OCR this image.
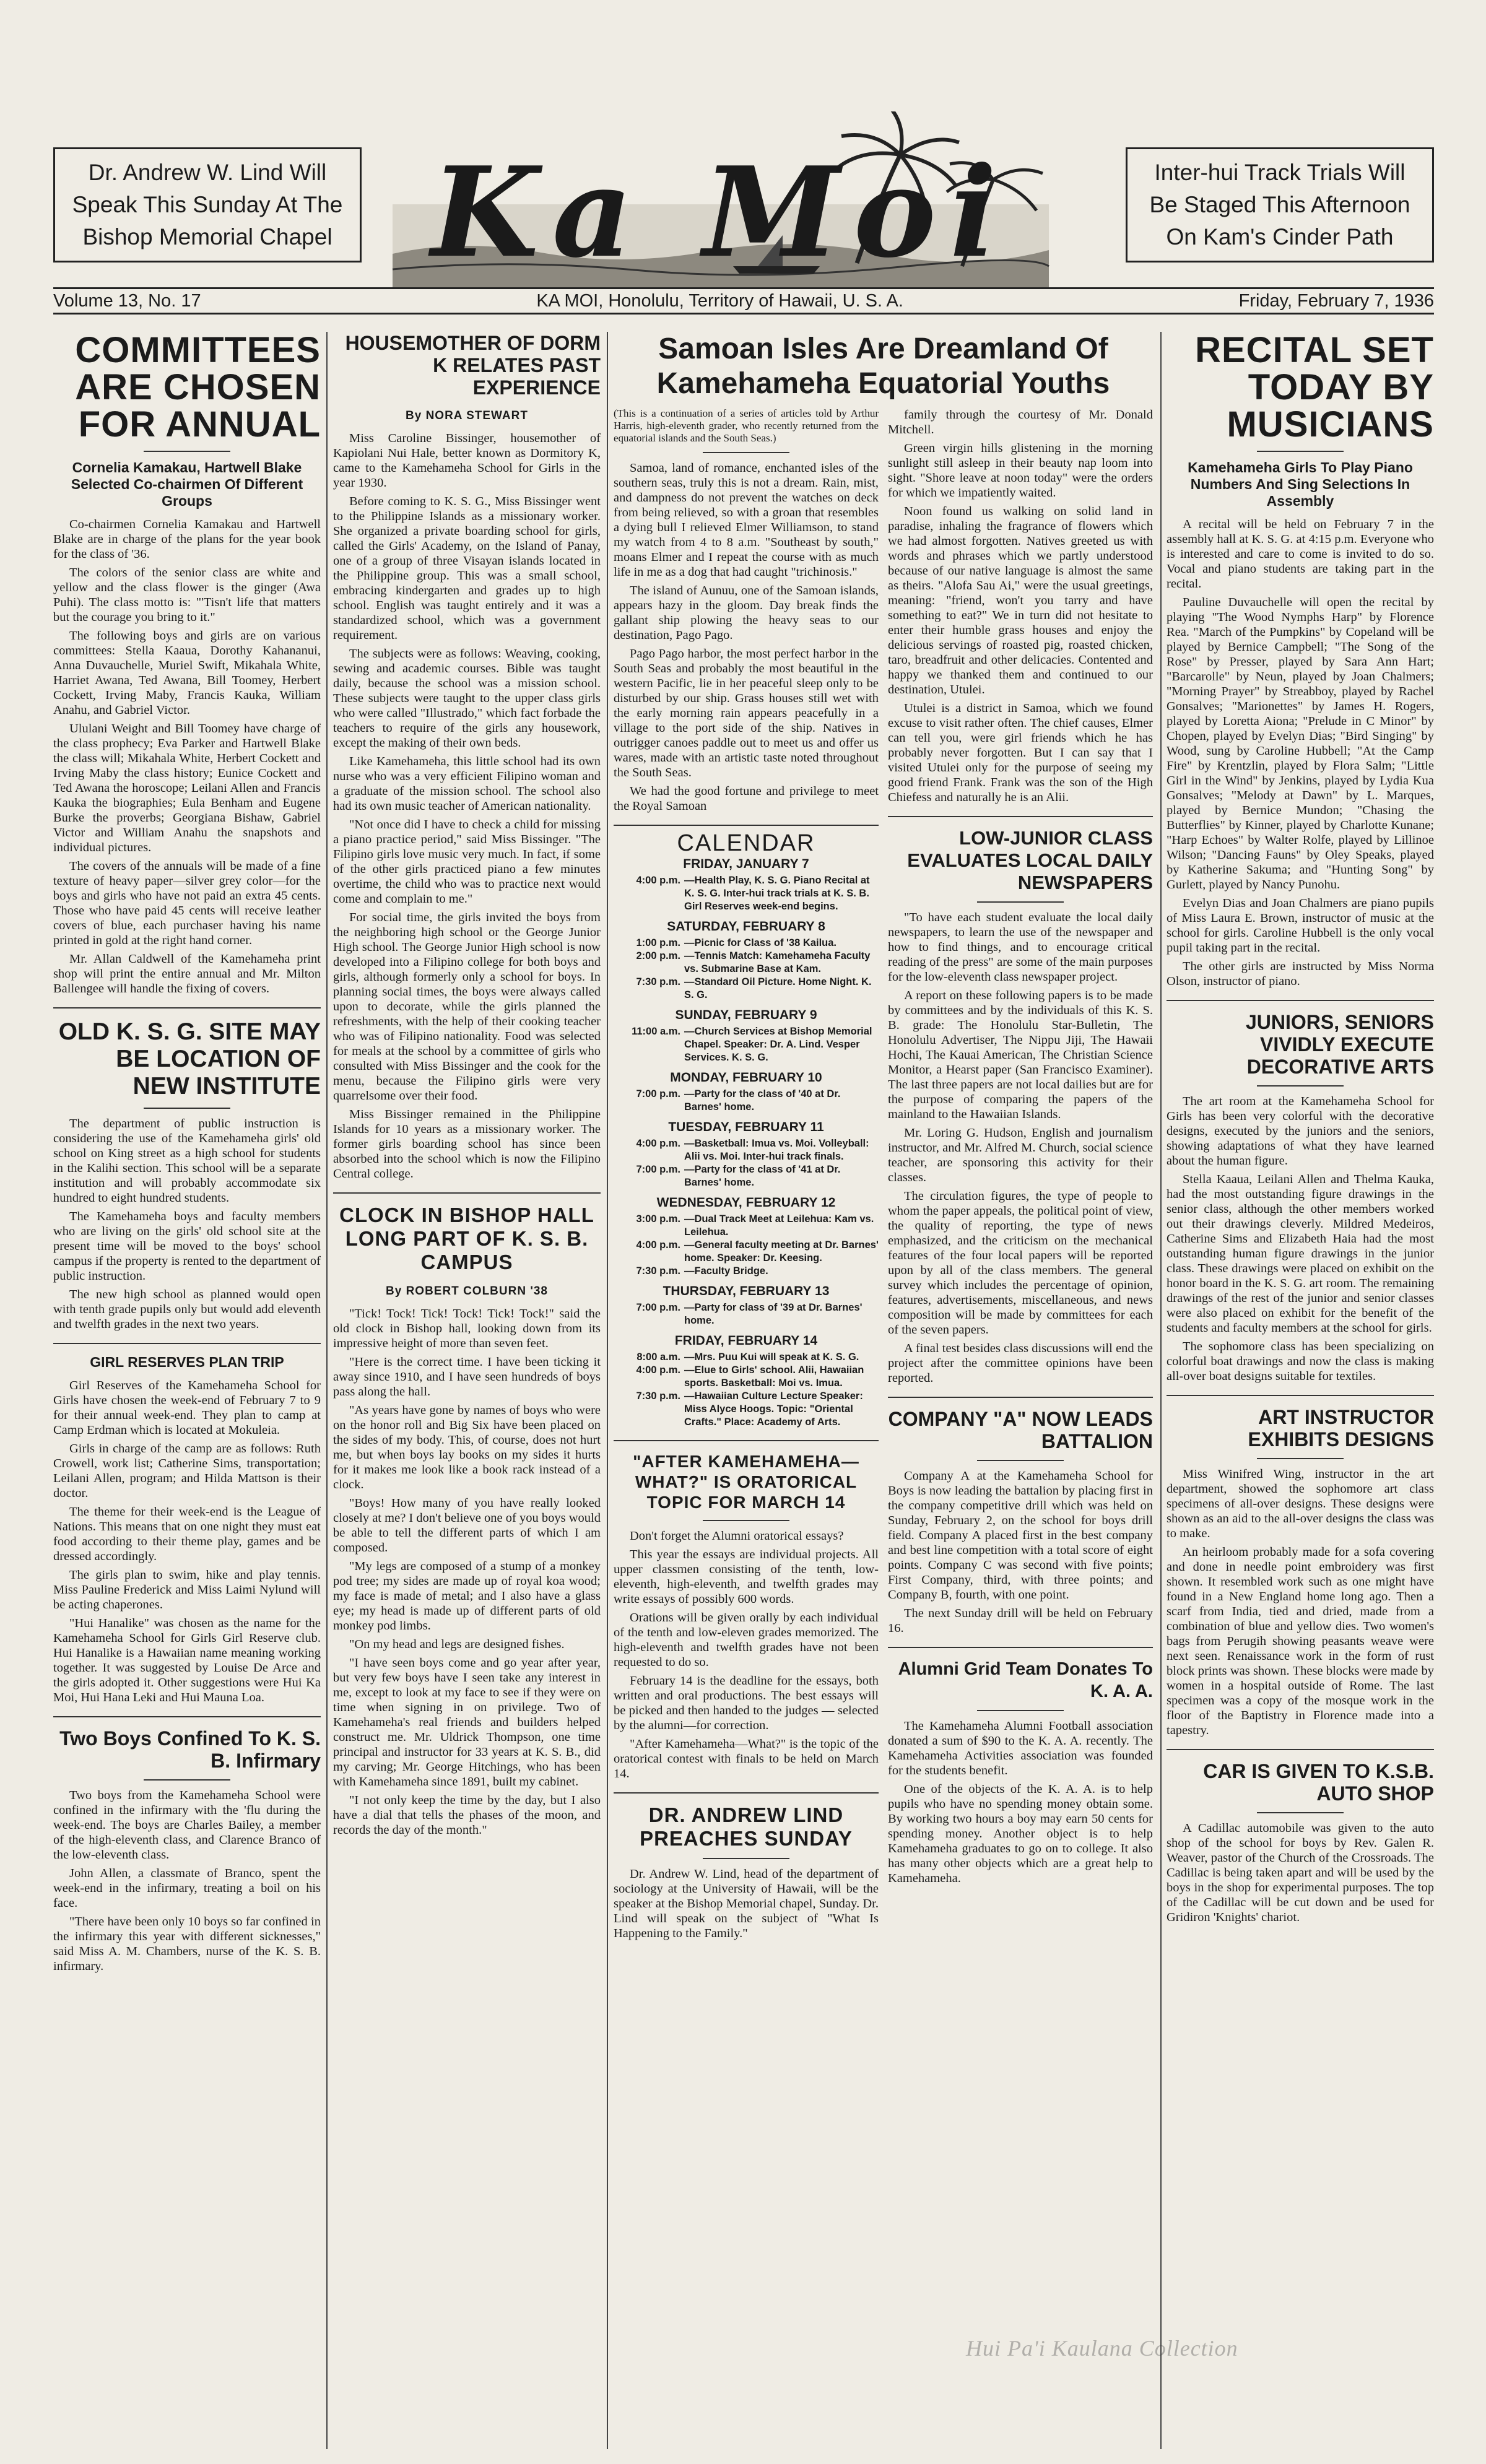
Dr. Andrew W. Lind Will Speak This Sunday At The Bishop Memorial Chapel Ka Moi	Inter-hui Track Trials Will Be Staged This Afternoon On Kam's Cinder Path
Volume 13, No. 17	KA MOI, Honolulu, Territory of Hawaii, U. S. A.	Friday, February 7, 1936
COMMITTEES ARE CHOSEN FOR ANNUAL
Cornelia Kamakau, Hartwell Blake Selected Co-chairmen Of Different Groups

Co-chairmen Cornelia Kamakau and Hartwell Blake are in charge of the plans for the year book for the class of '36.

The colors of the senior class are white and yellow and the class flower is the ginger (Awa Puhi). The class motto is: "'Tisn't life that matters but the courage you bring to it."

The following boys and girls are on various committees: Stella Kaaua, Dorothy Kahananui, Anna Duvauchelle, Muriel Swift, Mikahala White, Harriet Awana, Ted Awana, Bill Toomey, Herbert Cockett, Irving Maby, Francis Kauka, William Anahu, and Gabriel Victor.

Ululani Weight and Bill Toomey have charge of the class prophecy; Eva Parker and Hartwell Blake the class will; Mikahala White, Herbert Cockett and Irving Maby the class history; Eunice Cockett and Ted Awana the horoscope; Leilani Allen and Francis Kauka the biographies; Eula Benham and Eugene Burke the proverbs; Georgiana Bishaw, Gabriel Victor and William Anahu the snapshots and individual pictures.

The covers of the annuals will be made of a fine texture of heavy paper—silver grey color—for the boys and girls who have not paid an extra 45 cents. Those who have paid 45 cents will receive leather covers of blue, each purchaser having his name printed in gold at the right hand corner.

Mr. Allan Caldwell of the Kamehameha print shop will print the entire annual and Mr. Milton Ballengee will handle the fixing of covers.

OLD K. S. G. SITE MAY BE LOCATION OF NEW INSTITUTE

The department of public instruction is considering the use of the Kamehameha girls' old school on King street as a high school for students in the Kalihi section. This school will be a separate institution and will probably accommodate six hundred to eight hundred students.

The Kamehameha boys and faculty members who are living on the girls' old school site at the present time will be moved to the boys' school campus if the property is rented to the department of public instruction.

The new high school as planned would open with tenth grade pupils only but would add eleventh and twelfth grades in the next two years.

GIRL RESERVES PLAN TRIP

Girl Reserves of the Kamehameha School for Girls have chosen the week-end of February 7 to 9 for their annual week-end. They plan to camp at Camp Erdman which is located at Mokuleia.

Girls in charge of the camp are as follows: Ruth Crowell, work list; Catherine Sims, transportation; Leilani Allen, program; and Hilda Mattson is their doctor.

The theme for their week-end is the League of Nations. This means that on one night they must eat food according to their theme play, games and be dressed accordingly.

The girls plan to swim, hike and play tennis. Miss Pauline Frederick and Miss Laimi Nylund will be acting chaperones.

"Hui Hanalike" was chosen as the name for the Kamehameha School for Girls Girl Reserve club. Hui Hanalike is a Hawaiian name meaning working together. It was suggested by Louise De Arce and the girls adopted it. Other suggestions were Hui Ka Moi, Hui Hana Leki and Hui Mauna Loa.

Two Boys Confined To K. S. B. Infirmary

Two boys from the Kamehameha School were confined in the infirmary with the 'flu during the week-end. The boys are Charles Bailey, a member of the high-eleventh class, and Clarence Branco of the low-eleventh class.

John Allen, a classmate of Branco, spent the week-end in the infirmary, treating a boil on his face.

"There have been only 10 boys so far confined in the infirmary this year with different sicknesses," said Miss A. M. Chambers, nurse of the K. S. B. infirmary.

HOUSEMOTHER OF DORM K RELATES PAST EXPERIENCE
By NORA STEWART

Miss Caroline Bissinger, housemother of Kapiolani Nui Hale, better known as Dormitory K, came to the Kamehameha School for Girls in the year 1930.

Before coming to K. S. G., Miss Bissinger went to the Philippine Islands as a missionary worker. She organized a private boarding school for girls, called the Girls' Academy, on the Island of Panay, one of a group of three Visayan islands located in the Philippine group. This was a small school, embracing kindergarten and grades up to high school. English was taught entirely and it was a standardized school, which was a government requirement.

The subjects were as follows: Weaving, cooking, sewing and academic courses. Bible was taught daily, because the school was a mission school. These subjects were taught to the upper class girls who were called "Illustrado," which fact forbade the teachers to require of the girls any housework, except the making of their own beds.

Like Kamehameha, this little school had its own nurse who was a very efficient Filipino woman and a graduate of the mission school. The school also had its own music teacher of American nationality.

"Not once did I have to check a child for missing a piano practice period," said Miss Bissinger. "The Filipino girls love music very much. In fact, if some of the other girls practiced piano a few minutes overtime, the child who was to practice next would come and complain to me."

For social time, the girls invited the boys from the neighboring high school or the George Junior High school. The George Junior High school is now developed into a Filipino college for both boys and girls, although formerly only a school for boys. In planning social times, the boys were always called upon to decorate, while the girls planned the refreshments, with the help of their cooking teacher who was of Filipino nationality. Food was selected for meals at the school by a committee of girls who consulted with Miss Bissinger and the cook for the menu, because the Filipino girls were very quarrelsome over their food.

Miss Bissinger remained in the Philippine Islands for 10 years as a missionary worker. The former girls boarding school has since been absorbed into the school which is now the Filipino Central college.

CLOCK IN BISHOP HALL LONG PART OF K. S. B. CAMPUS
By ROBERT COLBURN '38

"Tick! Tock! Tick! Tock! Tick! Tock!" said the old clock in Bishop hall, looking down from its impressive height of more than seven feet.

"Here is the correct time. I have been ticking it away since 1910, and I have seen hundreds of boys pass along the hall.

"As years have gone by names of boys who were on the honor roll and Big Six have been placed on the sides of my body. This, of course, does not hurt me, but when boys lay books on my sides it hurts for it makes me look like a book rack instead of a clock.

"Boys! How many of you have really looked closely at me? I don't believe one of you boys would be able to tell the different parts of which I am composed.

"My legs are composed of a stump of a monkey pod tree; my sides are made up of royal koa wood; my face is made of metal; and I also have a glass eye; my head is made up of different parts of old monkey pod limbs.

"On my head and legs are designed fishes.

"I have seen boys come and go year after year, but very few boys have I seen take any interest in me, except to look at my face to see if they were on time when signing in on privilege. Two of Kamehameha's real friends and builders helped construct me. Mr. Uldrick Thompson, one time principal and instructor for 33 years at K. S. B., did my carving; Mr. George Hitchings, who has been with Kamehameha since 1891, built my cabinet.

"I not only keep the time by the day, but I also have a dial that tells the phases of the moon, and records the day of the month."

Samoan Isles Are Dreamland Of Kamehameha Equatorial Youths

(This is a continuation of a series of articles told by Arthur Harris, high-eleventh grader, who recently returned from the equatorial islands and the South Seas.)

Samoa, land of romance, enchanted isles of the southern seas, truly this is not a dream. Rain, mist, and dampness do not prevent the watches on deck from being relieved, so with a groan that resembles a dying bull I relieved Elmer Williamson, to stand my watch from 4 to 8 a.m. "Southeast by south," moans Elmer and I repeat the course with as much life in me as a dog that had caught "trichinosis."

The island of Aunuu, one of the Samoan islands, appears hazy in the gloom. Day break finds the gallant ship plowing the heavy seas to our destination, Pago Pago.

Pago Pago harbor, the most perfect harbor in the South Seas and probably the most beautiful in the western Pacific, lie in her peaceful sleep only to be disturbed by our ship. Grass houses still wet with the early morning rain appears peacefully in a village to the port side of the ship. Natives in outrigger canoes paddle out to meet us and offer us wares, made with an artistic taste noted throughout the South Seas.

We had the good fortune and privilege to meet the Royal Samoan

CALENDAR
FRIDAY, JANUARY 7
4:00 p.m. —Health Play, K. S. G. Piano Recital at K. S. G. Inter-hui track trials at K. S. B. Girl Reserves week-end begins.
SATURDAY, FEBRUARY 8
1:00 p.m. —Picnic for Class of '38 Kailua.
2:00 p.m. —Tennis Match: Kamehameha Faculty vs. Submarine Base at Kam.
7:30 p.m. —Standard Oil Picture. Home Night. K. S. G.
SUNDAY, FEBRUARY 9
11:00 a.m. —Church Services at Bishop Memorial Chapel. Speaker: Dr. A. Lind. Vesper Services. K. S. G.
MONDAY, FEBRUARY 10
7:00 p.m. —Party for the class of '40 at Dr. Barnes' home.
TUESDAY, FEBRUARY 11
4:00 p.m. —Basketball: Imua vs. Moi. Volleyball: Alii vs. Moi. Inter-hui track finals.
7:00 p.m. —Party for the class of '41 at Dr. Barnes' home.
WEDNESDAY, FEBRUARY 12
3:00 p.m. —Dual Track Meet at Leilehua: Kam vs. Leilehua.
4:00 p.m. —General faculty meeting at Dr. Barnes' home. Speaker: Dr. Keesing.
7:30 p.m. —Faculty Bridge.
THURSDAY, FEBRUARY 13
7:00 p.m. —Party for class of '39 at Dr. Barnes' home.
FRIDAY, FEBRUARY 14
8:00 a.m. —Mrs. Puu Kui will speak at K. S. G.
4:00 p.m. —Elue to Girls' school. Alii, Hawaiian sports. Basketball: Moi vs. Imua.
7:30 p.m. —Hawaiian Culture Lecture Speaker: Miss Alyce Hoogs. Topic: "Oriental Crafts." Place: Academy of Arts.
"AFTER KAMEHAMEHA— WHAT?" IS ORATORICAL TOPIC FOR MARCH 14

Don't forget the Alumni oratorical essays?

This year the essays are individual projects. All upper classmen consisting of the tenth, low-eleventh, high-eleventh, and twelfth grades may write essays of possibly 600 words.

Orations will be given orally by each individual of the tenth and low-eleven grades memorized. The high-eleventh and twelfth grades have not been requested to do so.

February 14 is the deadline for the essays, both written and oral productions. The best essays will be picked and then handed to the judges — selected by the alumni—for correction.

"After Kamehameha—What?" is the topic of the oratorical contest with finals to be held on March 14.

DR. ANDREW LIND PREACHES SUNDAY

Dr. Andrew W. Lind, head of the department of sociology at the University of Hawaii, will be the speaker at the Bishop Memorial chapel, Sunday. Dr. Lind will speak on the subject of "What Is Happening to the Family."

family through the courtesy of Mr. Donald Mitchell.

Green virgin hills glistening in the morning sunlight still asleep in their beauty nap loom into sight. "Shore leave at noon today" were the orders for which we impatiently waited.

Noon found us walking on solid land in paradise, inhaling the fragrance of flowers which we had almost forgotten. Natives greeted us with words and phrases which we partly understood because of our native language is almost the same as theirs. "Alofa Sau Ai," were the usual greetings, meaning: "friend, won't you tarry and have something to eat?" We in turn did not hesitate to enter their humble grass houses and enjoy the delicious servings of roasted pig, roasted chicken, taro, breadfruit and other delicacies. Contented and happy we thanked them and continued to our destination, Utulei.

Utulei is a district in Samoa, which we found excuse to visit rather often. The chief causes, Elmer can tell you, were girl friends which he has probably never forgotten. But I can say that I visited Utulei only for the purpose of seeing my good friend Frank. Frank was the son of the High Chiefess and naturally he is an Alii.

LOW-JUNIOR CLASS EVALUATES LOCAL DAILY NEWSPAPERS

"To have each student evaluate the local daily newspapers, to learn the use of the newspaper and how to find things, and to encourage critical reading of the press" are some of the main purposes for the low-eleventh class newspaper project.

A report on these following papers is to be made by committees and by the individuals of this K. S. B. grade: The Honolulu Star-Bulletin, The Honolulu Advertiser, The Nippu Jiji, The Hawaii Hochi, The Kauai American, The Christian Science Monitor, a Hearst paper (San Francisco Examiner). The last three papers are not local dailies but are for the purpose of comparing the papers of the mainland to the Hawaiian Islands.

Mr. Loring G. Hudson, English and journalism instructor, and Mr. Alfred M. Church, social science teacher, are sponsoring this activity for their classes.

The circulation figures, the type of people to whom the paper appeals, the political point of view, the quality of reporting, the type of news emphasized, and the criticism on the mechanical features of the four local papers will be reported upon by all of the class members. The general survey which includes the percentage of opinion, features, advertisements, miscellaneous, and news composition will be made by committees for each of the seven papers.

A final test besides class discussions will end the project after the committee opinions have been reported.

COMPANY "A" NOW LEADS BATTALION

Company A at the Kamehameha School for Boys is now leading the battalion by placing first in the company competitive drill which was held on Sunday, February 2, on the school for boys drill field. Company A placed first in the best company and best line competition with a total score of eight points. Company C was second with five points; First Company, third, with three points; and Company B, fourth, with one point.

The next Sunday drill will be held on February 16.

Alumni Grid Team Donates To K. A. A.

The Kamehameha Alumni Football association donated a sum of $90 to the K. A. A. recently. The Kamehameha Activities association was founded for the students benefit.

One of the objects of the K. A. A. is to help pupils who have no spending money obtain some. By working two hours a boy may earn 50 cents for spending money. Another object is to help Kamehameha graduates to go on to college. It also has many other objects which are a great help to Kamehameha.

RECITAL SET TODAY BY MUSICIANS
Kamehameha Girls To Play Piano Numbers And Sing Selections In Assembly

A recital will be held on February 7 in the assembly hall at K. S. G. at 4:15 p.m. Everyone who is interested and care to come is invited to do so. Vocal and piano students are taking part in the recital.

Pauline Duvauchelle will open the recital by playing "The Wood Nymphs Harp" by Florence Rea. "March of the Pumpkins" by Copeland will be played by Bernice Campbell; "The Song of the Rose" by Presser, played by Sara Ann Hart; "Barcarolle" by Neun, played by Joan Chalmers; "Morning Prayer" by Streabboy, played by Rachel Gonsalves; "Marionettes" by James H. Rogers, played by Loretta Aiona; "Prelude in C Minor" by Chopen, played by Evelyn Dias; "Bird Singing" by Wood, sung by Caroline Hubbell; "At the Camp Fire" by Krentzlin, played by Flora Salm; "Little Girl in the Wind" by Jenkins, played by Lydia Kua Gonsalves; "Melody at Dawn" by L. Marques, played by Bernice Mundon; "Chasing the Butterflies" by Kinner, played by Charlotte Kunane; "Harp Echoes" by Walter Rolfe, played by Lillinoe Wilson; "Dancing Fauns" by Oley Speaks, played by Katherine Sakuma; and "Hunting Song" by Gurlett, played by Nancy Punohu.

Evelyn Dias and Joan Chalmers are piano pupils of Miss Laura E. Brown, instructor of music at the school for girls. Caroline Hubbell is the only vocal pupil taking part in the recital.

The other girls are instructed by Miss Norma Olson, instructor of piano.

JUNIORS, SENIORS VIVIDLY EXECUTE DECORATIVE ARTS

The art room at the Kamehameha School for Girls has been very colorful with the decorative designs, executed by the juniors and the seniors, showing adaptations of what they have learned about the human figure.

Stella Kaaua, Leilani Allen and Thelma Kauka, had the most outstanding figure drawings in the senior class, although the other members worked out their drawings cleverly. Mildred Medeiros, Catherine Sims and Elizabeth Haia had the most outstanding human figure drawings in the junior class. These drawings were placed on exhibit on the honor board in the K. S. G. art room. The remaining drawings of the rest of the junior and senior classes were also placed on exhibit for the benefit of the students and faculty members at the school for girls.

The sophomore class has been specializing on colorful boat drawings and now the class is making all-over boat designs suitable for textiles.

ART INSTRUCTOR EXHIBITS DESIGNS

Miss Winifred Wing, instructor in the art department, showed the sophomore art class specimens of all-over designs. These designs were shown as an aid to the all-over designs the class was to make.

An heirloom probably made for a sofa covering and done in needle point embroidery was first shown. It resembled work such as one might have found in a New England home long ago. Then a scarf from India, tied and dried, made from a combination of blue and yellow dies. Two women's bags from Perugih showing peasants weave were next seen. Renaissance work in the form of rust block prints was shown. These blocks were made by women in a hospital outside of Rome. The last specimen was a copy of the mosque work in the floor of the Baptistry in Florence made into a tapestry.

CAR IS GIVEN TO K.S.B. AUTO SHOP

A Cadillac automobile was given to the auto shop of the school for boys by Rev. Galen R. Weaver, pastor of the Church of the Crossroads. The Cadillac is being taken apart and will be used by the boys in the shop for experimental purposes. The top of the Cadillac will be cut down and be used for Gridiron 'Knights' chariot.

Hui Pa'i Kaulana Collection
